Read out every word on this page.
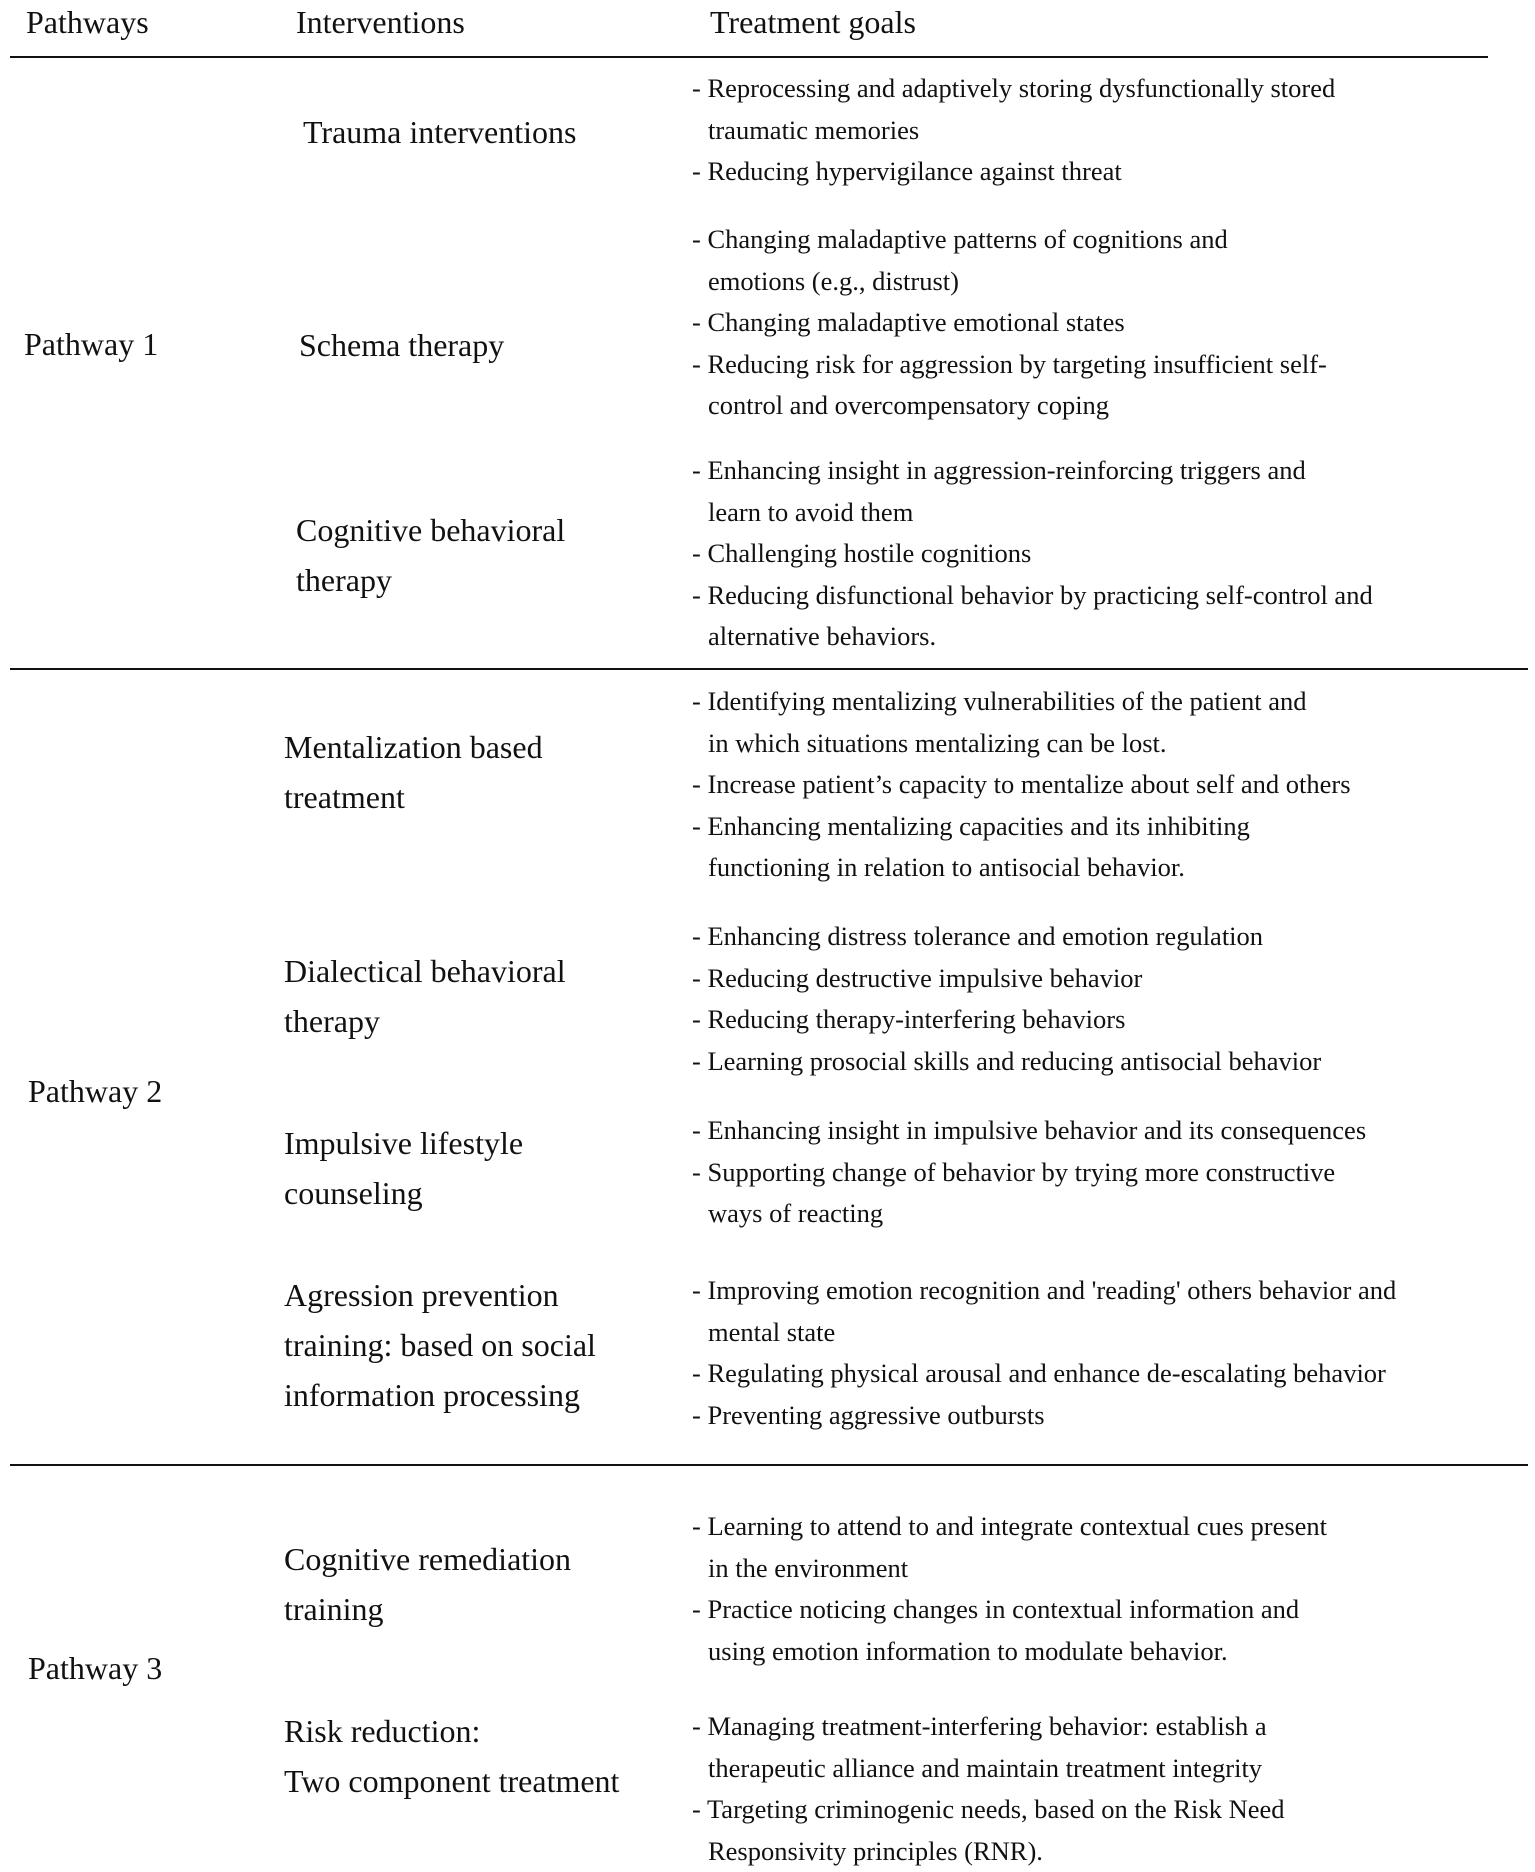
Pathways	Interventions	Treatment goals
Pathway 1
Trauma interventions
- Reprocessing and adaptively storing dysfunctionally stored
traumatic memories
- Reducing hypervigilance against threat
Schema therapy
- Changing maladaptive patterns of cognitions and
emotions (e.g., distrust)
- Changing maladaptive emotional states
- Reducing risk for aggression by targeting insufficient self-
control and overcompensatory coping
Cognitive behavioral
therapy
- Enhancing insight in aggression-reinforcing triggers and
learn to avoid them
- Challenging hostile cognitions
- Reducing disfunctional behavior by practicing self-control and
alternative behaviors.
Pathway 2
Mentalization based
treatment
- Identifying mentalizing vulnerabilities of the patient and
in which situations mentalizing can be lost.
- Increase patient’s capacity to mentalize about self and others
- Enhancing mentalizing capacities and its inhibiting
functioning in relation to antisocial behavior.
Dialectical behavioral
therapy
- Enhancing distress tolerance and emotion regulation
- Reducing destructive impulsive behavior
- Reducing therapy-interfering behaviors
- Learning prosocial skills and reducing antisocial behavior
Impulsive lifestyle
counseling
- Enhancing insight in impulsive behavior and its consequences
- Supporting change of behavior by trying more constructive
ways of reacting
Agression prevention
training: based on social
information processing
- Improving emotion recognition and 'reading' others behavior and
mental state
- Regulating physical arousal and enhance de-escalating behavior
- Preventing aggressive outbursts
Pathway 3
Cognitive remediation
training
- Learning to attend to and integrate contextual cues present
in the environment
- Practice noticing changes in contextual information and
using emotion information to modulate behavior.
Risk reduction:
Two component treatment
- Managing treatment-interfering behavior: establish a
therapeutic alliance and maintain treatment integrity
- Targeting criminogenic needs, based on the Risk Need
Responsivity principles (RNR).
